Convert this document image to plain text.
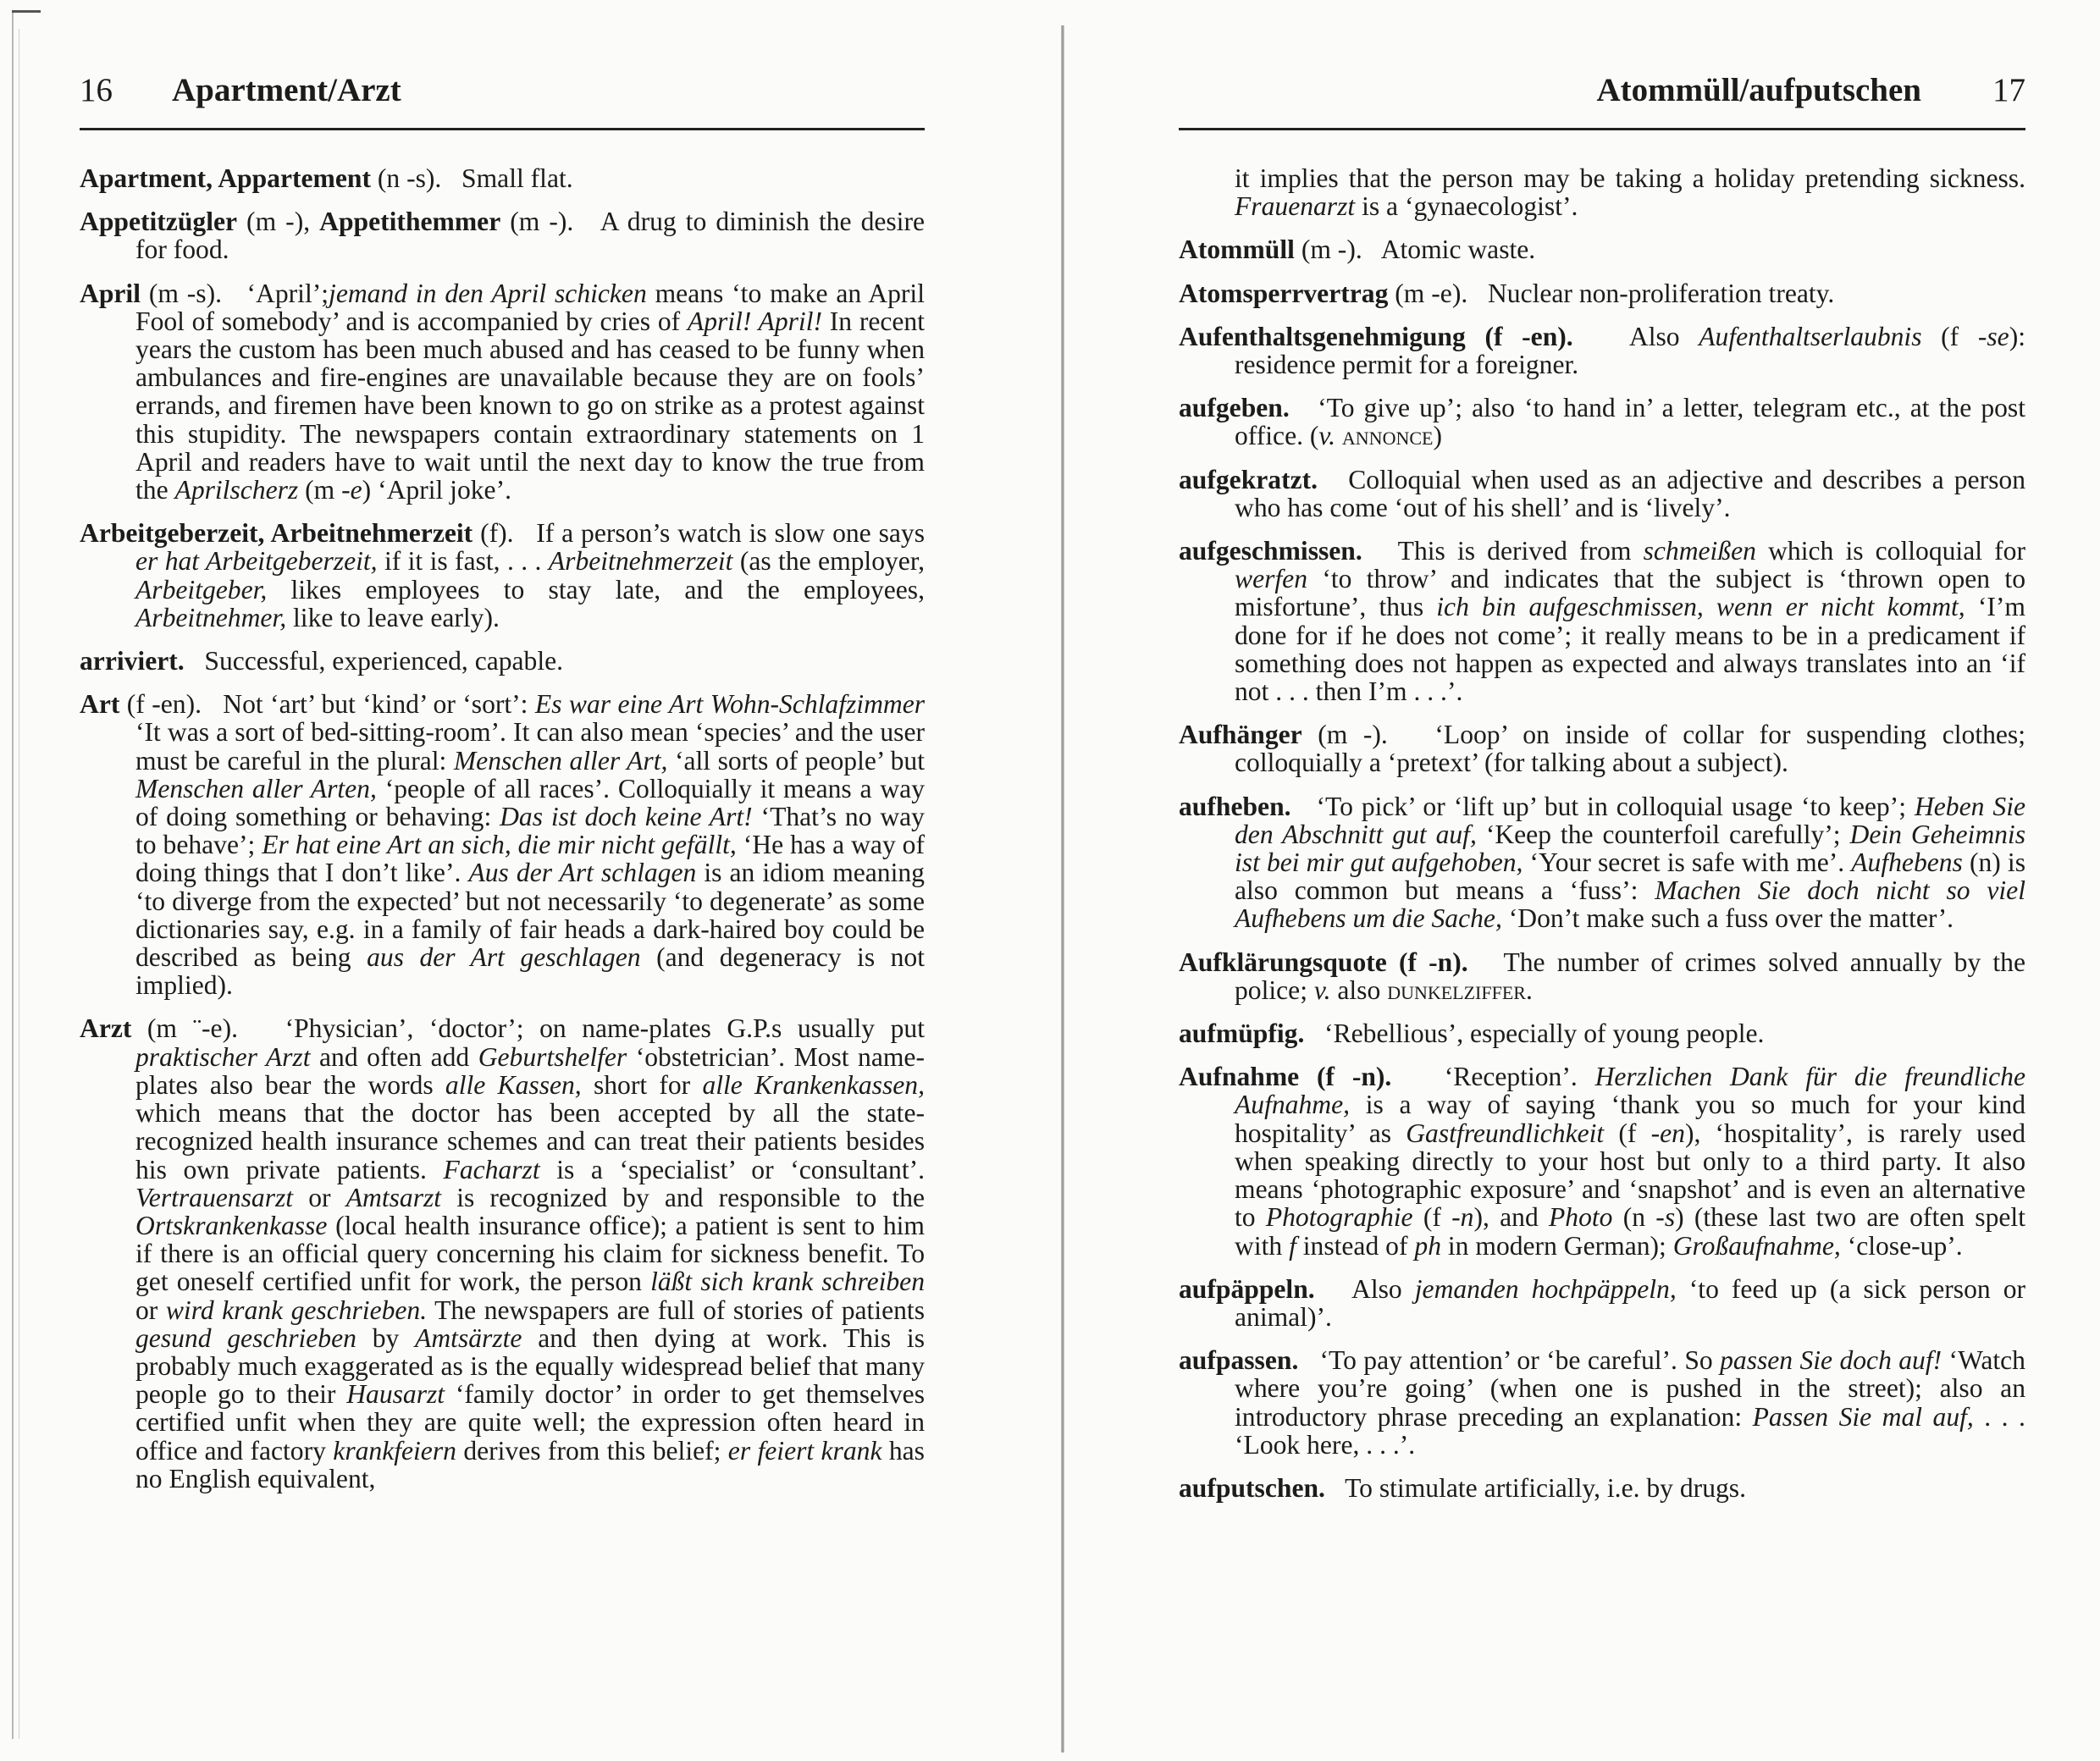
16 Apartment/Arzt

Apartment, Appartement (n -s). Small flat.

Appetitzügler (m -), Appetithemmer (m -). A drug to diminish the desire for food.

April (m -s). ‘April’;jemand in den April schicken means ‘to make an April Fool of somebody’ and is accompanied by cries of April! April! In recent years the custom has been much abused and has ceased to be funny when ambulances and fire-engines are unavailable because they are on fools’ errands, and firemen have been known to go on strike as a protest against this stupidity. The newspapers contain extraordinary statements on 1 April and readers have to wait until the next day to know the true from the Aprilscherz (m -e) ‘April joke’.

Arbeitgeberzeit, Arbeitnehmerzeit (f). If a person’s watch is slow one says er hat Arbeitgeberzeit, if it is fast, . . . Arbeitnehmerzeit (as the employer, Arbeitgeber, likes employees to stay late, and the employees, Arbeitnehmer, like to leave early).

arriviert. Successful, experienced, capable.

Art (f -en). Not ‘art’ but ‘kind’ or ‘sort’: Es war eine Art Wohn-Schlafzimmer ‘It was a sort of bed-sitting-room’. It can also mean ‘species’ and the user must be careful in the plural: Menschen aller Art, ‘all sorts of people’ but Menschen aller Arten, ‘people of all races’. Colloquially it means a way of doing something or behaving: Das ist doch keine Art! ‘That’s no way to behave’; Er hat eine Art an sich, die mir nicht gefällt, ‘He has a way of doing things that I don’t like’. Aus der Art schlagen is an idiom meaning ‘to diverge from the expected’ but not necessarily ‘to degenerate’ as some dictionaries say, e.g. in a family of fair heads a dark-haired boy could be described as being aus der Art geschlagen (and degeneracy is not implied).

Arzt (m ¨-e). ‘Physician’, ‘doctor’; on name-plates G.P.s usually put praktischer Arzt and often add Geburtshelfer ‘obstetrician’. Most name-plates also bear the words alle Kassen, short for alle Krankenkassen, which means that the doctor has been accepted by all the state-recognized health insurance schemes and can treat their patients besides his own private patients. Facharzt is a ‘specialist’ or ‘consultant’. Vertrauensarzt or Amtsarzt is recognized by and responsible to the Ortskrankenkasse (local health insurance office); a patient is sent to him if there is an official query concerning his claim for sickness benefit. To get oneself certified unfit for work, the person läßt sich krank schreiben or wird krank geschrieben. The newspapers are full of stories of patients gesund geschrieben by Amtsärzte and then dying at work. This is probably much exaggerated as is the equally widespread belief that many people go to their Hausarzt ‘family doctor’ in order to get themselves certified unfit when they are quite well; the expression often heard in office and factory krankfeiern derives from this belief; er feiert krank has no English equivalent,

Atommüll/aufputschen 17

it implies that the person may be taking a holiday pretending sickness. Frauenarzt is a ‘gynaecologist’.

Atommüll (m -). Atomic waste.

Atomsperrvertrag (m -e). Nuclear non-proliferation treaty.

Aufenthaltsgenehmigung (f -en). Also Aufenthaltserlaubnis (f -se): residence permit for a foreigner.

aufgeben. ‘To give up’; also ‘to hand in’ a letter, telegram etc., at the post office. (v. annonce)

aufgekratzt. Colloquial when used as an adjective and describes a person who has come ‘out of his shell’ and is ‘lively’.

aufgeschmissen. This is derived from schmeißen which is colloquial for werfen ‘to throw’ and indicates that the subject is ‘thrown open to misfortune’, thus ich bin aufgeschmissen, wenn er nicht kommt, ‘I’m done for if he does not come’; it really means to be in a predicament if something does not happen as expected and always translates into an ‘if not . . . then I’m . . .’.

Aufhänger (m -). ‘Loop’ on inside of collar for suspending clothes; colloquially a ‘pretext’ (for talking about a subject).

aufheben. ‘To pick’ or ‘lift up’ but in colloquial usage ‘to keep’; Heben Sie den Abschnitt gut auf, ‘Keep the counterfoil carefully’; Dein Geheimnis ist bei mir gut aufgehoben, ‘Your secret is safe with me’. Aufhebens (n) is also common but means a ‘fuss’: Machen Sie doch nicht so viel Aufhebens um die Sache, ‘Don’t make such a fuss over the matter’.

Aufklärungsquote (f -n). The number of crimes solved annually by the police; v. also dunkelziffer.

aufmüpfig. ‘Rebellious’, especially of young people.

Aufnahme (f -n). ‘Reception’. Herzlichen Dank für die freundliche Aufnahme, is a way of saying ‘thank you so much for your kind hospitality’ as Gastfreundlichkeit (f -en), ‘hospitality’, is rarely used when speaking directly to your host but only to a third party. It also means ‘photographic exposure’ and ‘snapshot’ and is even an alternative to Photographie (f -n), and Photo (n -s) (these last two are often spelt with f instead of ph in modern German); Großaufnahme, ‘close-up’.

aufpäppeln. Also jemanden hochpäppeln, ‘to feed up (a sick person or animal)’.

aufpassen. ‘To pay attention’ or ‘be careful’. So passen Sie doch auf! ‘Watch where you’re going’ (when one is pushed in the street); also an introductory phrase preceding an explanation: Passen Sie mal auf, . . . ‘Look here, . . .’.

aufputschen. To stimulate artificially, i.e. by drugs.
